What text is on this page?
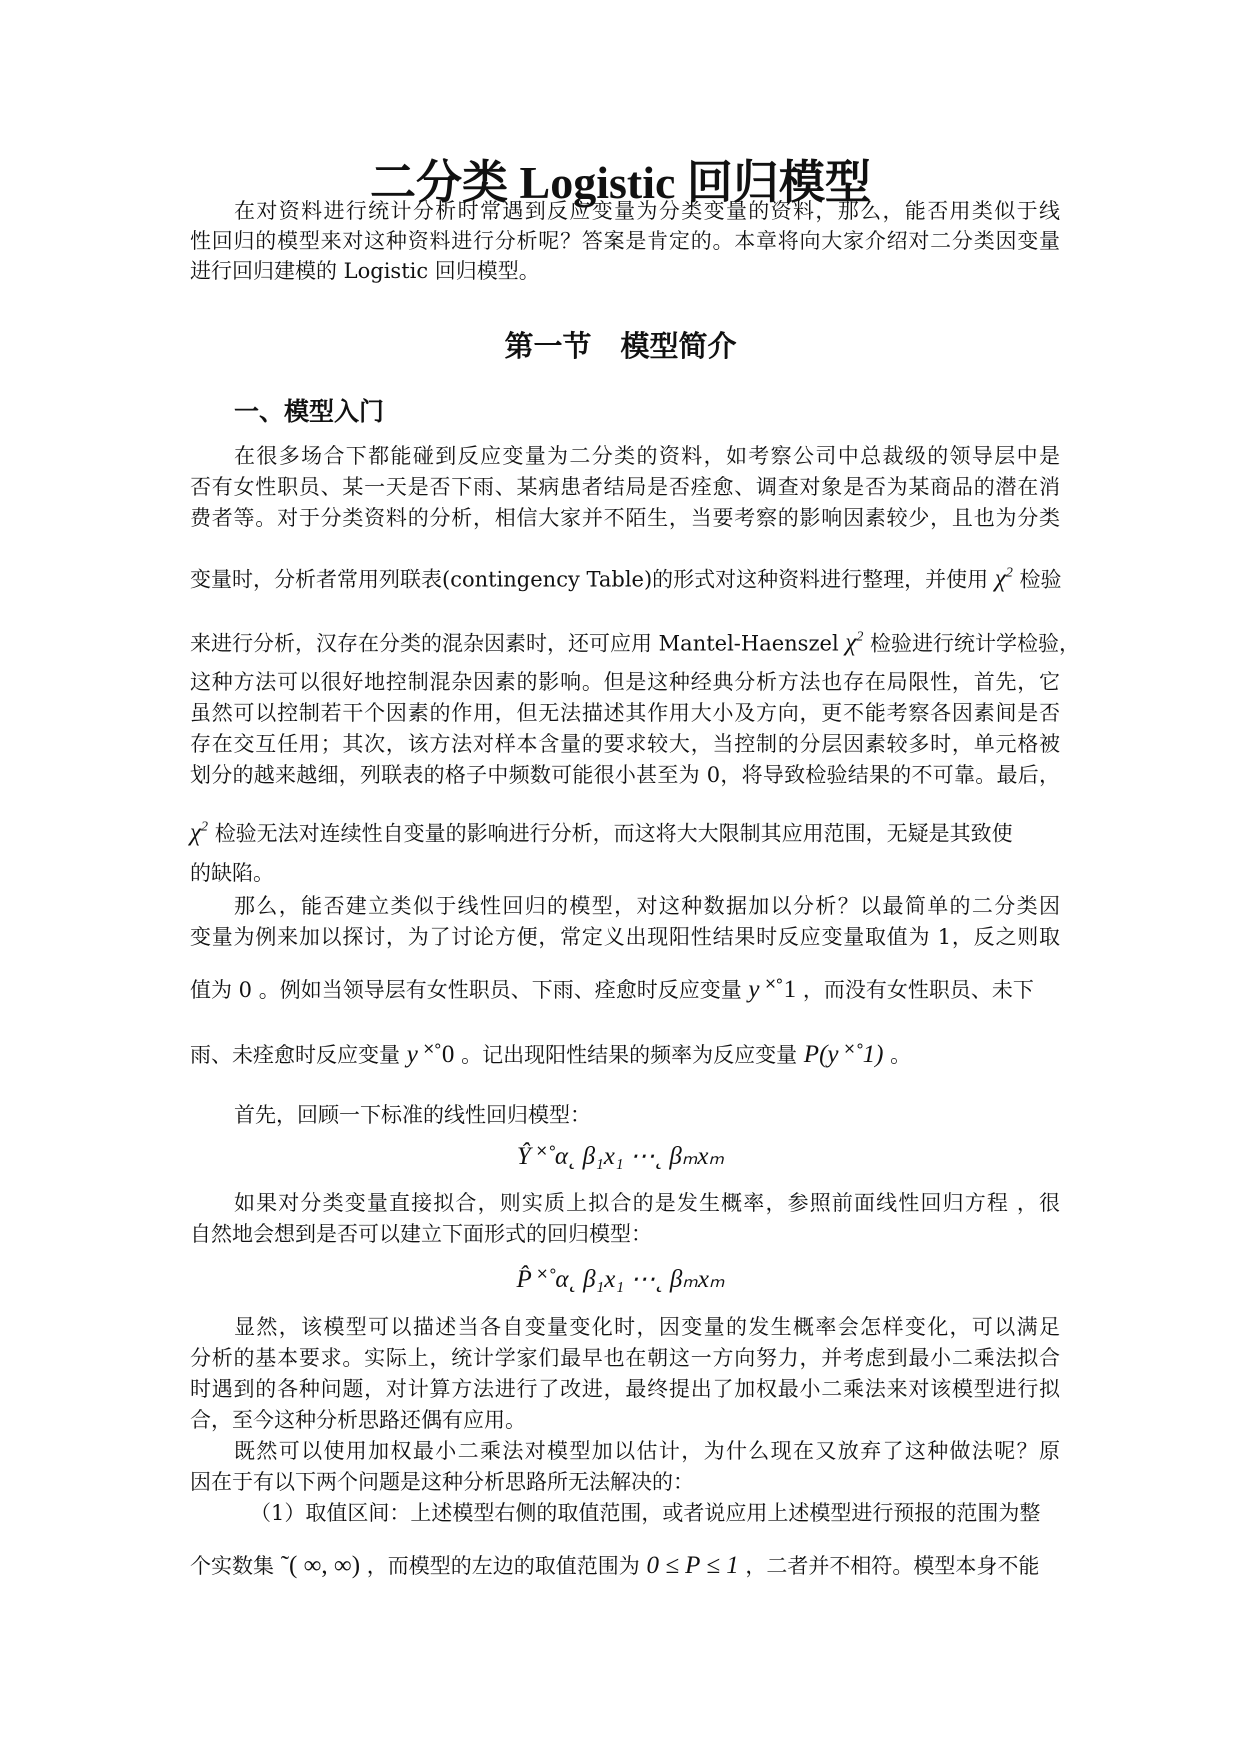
二分类 Logistic 回归模型
在对资料进行统计分析时常遇到反应变量为分类变量的资料，那么，能否用类似于线
性回归的模型来对这种资料进行分析呢？答案是肯定的。本章将向大家介绍对二分类因变量
进行回归建模的 Logistic 回归模型。
第一节　模型简介
一、模型入门
在很多场合下都能碰到反应变量为二分类的资料，如考察公司中总裁级的领导层中是
否有女性职员、某一天是否下雨、某病患者结局是否痊愈、调查对象是否为某商品的潜在消
费者等。对于分类资料的分析，相信大家并不陌生，当要考察的影响因素较少，且也为分类
变量时，分析者常用列联表(contingency Table)的形式对这种资料进行整理，并使用 $\chi^2$ 检验
来进行分析，汉存在分类的混杂因素时，还可应用 Mantel-Haenszel $\chi^2$ 检验进行统计学检验，
这种方法可以很好地控制混杂因素的影响。但是这种经典分析方法也存在局限性，首先，它
虽然可以控制若干个因素的作用，但无法描述其作用大小及方向，更不能考察各因素间是否
存在交互任用；其次，该方法对样本含量的要求较大，当控制的分层因素较多时，单元格被
划分的越来越细，列联表的格子中频数可能很小甚至为 0，将导致检验结果的不可靠。最后，
$\chi^2$ 检验无法对连续性自变量的影响进行分析，而这将大大限制其应用范围，无疑是其致使
的缺陷。
那么，能否建立类似于线性回归的模型，对这种数据加以分析？以最简单的二分类因
变量为例来加以探讨，为了讨论方便，常定义出现阳性结果时反应变量取值为 1，反之则取
值为 0 。例如当领导层有女性职员、下雨、痊愈时反应变量 y ˟˚1 ，而没有女性职员、未下
雨、未痊愈时反应变量 y ˟˚0 。记出现阳性结果的频率为反应变量 P(y ˟˚1) 。
首先，回顾一下标准的线性回归模型：
Ŷ ˟˚α˛ β₁x₁ ⋯˛ βₘxₘ
如果对分类变量直接拟合，则实质上拟合的是发生概率，参照前面线性回归方程 ，很
自然地会想到是否可以建立下面形式的回归模型：
P̂ ˟˚α˛ β₁x₁ ⋯˛ βₘxₘ
显然，该模型可以描述当各自变量变化时，因变量的发生概率会怎样变化，可以满足
分析的基本要求。实际上，统计学家们最早也在朝这一方向努力，并考虑到最小二乘法拟合
时遇到的各种问题，对计算方法进行了改进，最终提出了加权最小二乘法来对该模型进行拟
合，至今这种分析思路还偶有应用。
既然可以使用加权最小二乘法对模型加以估计，为什么现在又放弃了这种做法呢？原
因在于有以下两个问题是这种分析思路所无法解决的：
（1）取值区间：上述模型右侧的取值范围，或者说应用上述模型进行预报的范围为整
个实数集 ˜( ∞, ∞) ，而模型的左边的取值范围为 0 ≤ P ≤ 1 ，二者并不相符。模型本身不能
